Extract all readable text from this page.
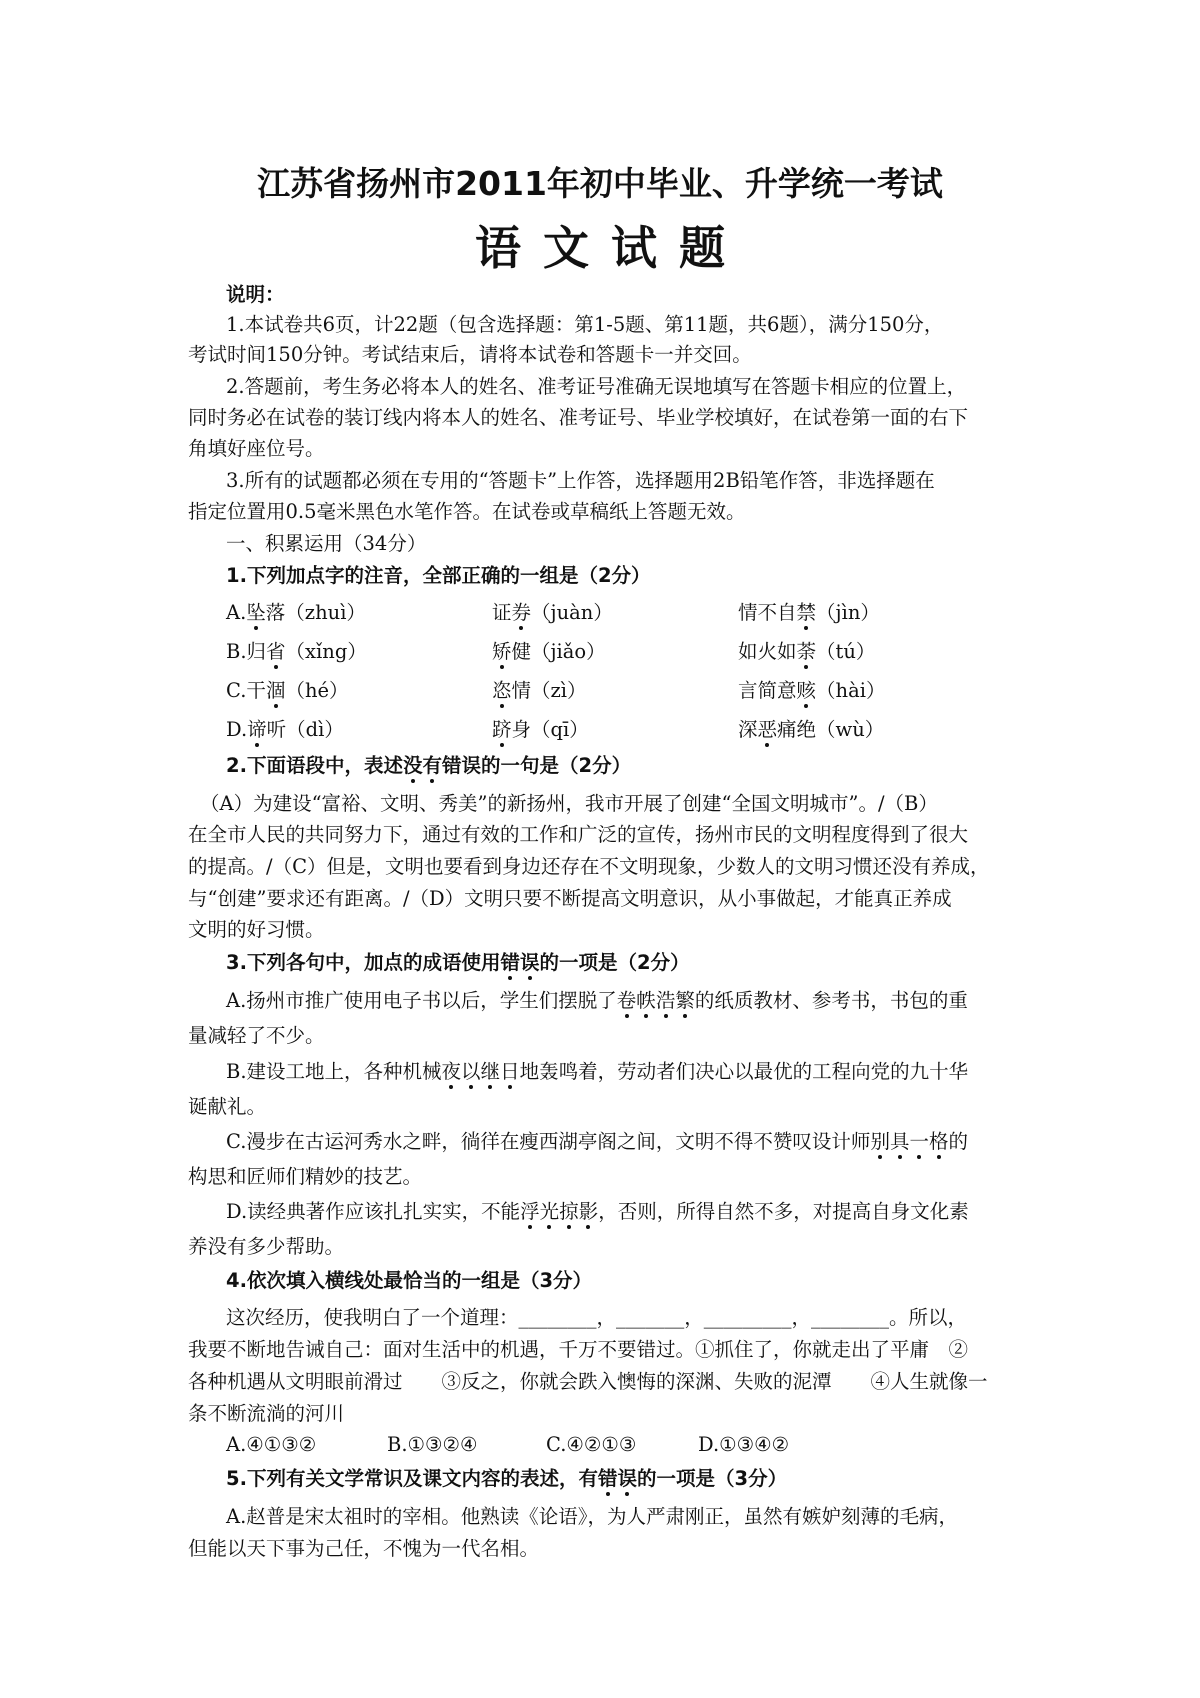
江苏省扬州市2011年初中毕业、升学统一考试
语文试题
说明：
1.本试卷共6页，计22题（包含选择题：第1-5题、第11题，共6题），满分150分，
考试时间150分钟。考试结束后，请将本试卷和答题卡一并交回。
2.答题前，考生务必将本人的姓名、准考证号准确无误地填写在答题卡相应的位置上，
同时务必在试卷的装订线内将本人的姓名、准考证号、毕业学校填好，在试卷第一面的右下
角填好座位号。
3.所有的试题都必须在专用的“答题卡”上作答，选择题用2B铅笔作答，非选择题在
指定位置用0.5毫米黑色水笔作答。在试卷或草稿纸上答题无效。
一、积累运用（34分）
1.下列加点字的注音，全部正确的一组是（2分）
A.坠落（zhuì）	证券（juàn）	情不自禁（jìn）
B.归省（xǐng）	矫健（jiǎo）	如火如荼（tú）
C.干涸（hé）	恣情（zì）	言简意赅（hài）
D.谛听（dì）	跻身（qī）	深恶痛绝（wù）
2.下面语段中，表述没有错误的一句是（2分）
（A）为建设“富裕、文明、秀美”的新扬州，我市开展了创建“全国文明城市”。/（B）
在全市人民的共同努力下，通过有效的工作和广泛的宣传，扬州市民的文明程度得到了很大
的提高。/（C）但是，文明也要看到身边还存在不文明现象，少数人的文明习惯还没有养成，
与“创建”要求还有距离。/（D）文明只要不断提高文明意识，从小事做起，才能真正养成
文明的好习惯。
3.下列各句中，加点的成语使用错误的一项是（2分）
A.扬州市推广使用电子书以后，学生们摆脱了卷帙浩繁的纸质教材、参考书，书包的重
量减轻了不少。
B.建设工地上，各种机械夜以继日地轰鸣着，劳动者们决心以最优的工程向党的九十华
诞献礼。
C.漫步在古运河秀水之畔，徜徉在瘦西湖亭阁之间，文明不得不赞叹设计师别具一格的
构思和匠师们精妙的技艺。
D.读经典著作应该扎扎实实，不能浮光掠影，否则，所得自然不多，对提高自身文化素
养没有多少帮助。
4.依次填入横线处最恰当的一组是（3分）
这次经历，使我明白了一个道理：________，_______，_________，________。所以，
我要不断地告诫自己：面对生活中的机遇，千万不要错过。①抓住了，你就走出了平庸　②
各种机遇从文明眼前滑过　　③反之，你就会跌入懊悔的深渊、失败的泥潭　　④人生就像一
条不断流淌的河川
A.④①③②	B.①③②④	C.④②①③	D.①③④②
5.下列有关文学常识及课文内容的表述，有错误的一项是（3分）
A.赵普是宋太祖时的宰相。他熟读《论语》，为人严肃刚正，虽然有嫉妒刻薄的毛病，
但能以天下事为己任，不愧为一代名相。
